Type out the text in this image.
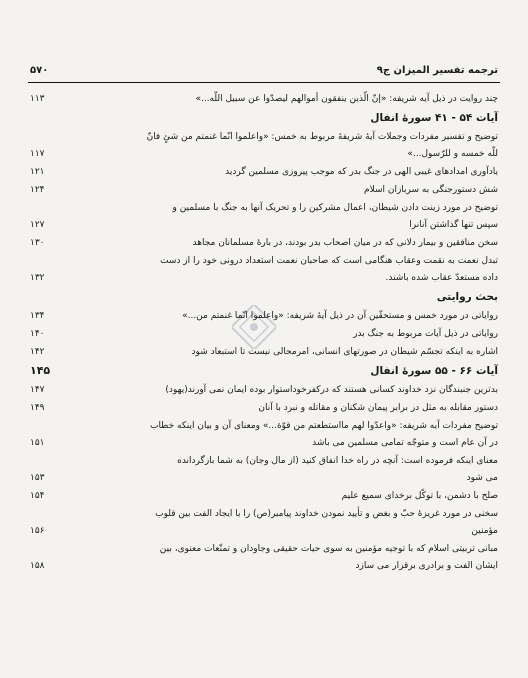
۵۷۰	ترجمه تفسیر المیزان ج۹
۱۱۳	چند روایت در ذیل آیه شریفه: «إنّ الّذين ينفقون أموالهم ليصدّوا عن سبيل اللّه...»
آیات ۵۴ - ۴۱ سورهٔ انفال
توضیح و تفسیر مفردات وجملات آیهٔ شریفهٔ مربوط به خمس: «واعلموا انّما غنمتم من شئٍ فانّ
۱۱۷	للّه خمسه و للرّسول...»
۱۲۱	یادآوری امدادهای غیبی الهی در جنگ بدر که موجب پیروزی مسلمین گردید
۱۲۴	شش دستورجنگی به سربازان اسلام
توضیح در مورد زینت دادن شیطان، اعمال مشرکین را و تحریک آنها به جنگ با مسلمین و
۱۲۷	سپس تنها گذاشتن آنانرا
۱۳۰	سخن منافقین و بیمار دلانی که در میان اصحاب بدر بودند، در بارهٔ مسلمانان مجاهد
تبدل نعمت به نقمت وعقاب هنگامی است که صاحبان نعمت استعداد درونی خود را از دست
۱۳۲	داده مستعدّ عقاب شده باشند.
بحث روایتی
۱۳۴	روایاتی در مورد خمس و مستحقّین آن در ذیل آیهٔ شریفه: «واعلموا انّما غنمتم من...»
۱۴۰	روایاتی در ذیل آیات مربوط به جنگ بدر
۱۴۲	اشاره به اینکه تجسّم شیطان در صورتهای انسانی، امرمحالی نیست تا استبعاد شود
۱۴۵	آیات ۶۶ - ۵۵ سورهٔ انفال
۱۴۷	بدترین جنبندگان نزد خداوند کسانی هستند که درکفرخوداستوار بوده ایمان نمی آورند(یهود)
۱۴۹	دستور مقابله به مثل در برابر پیمان شکنان و مقاتله و نبرد با آنان
توضیح مفردات آیه شریفه: «واعدّوا لهم مااستطعتم من قوّة...» ومعنای آن و بیان اینکه خطاب
۱۵۱	در آن عام است و متوجّه تمامی مسلمین می باشد
معنای اینکه فرموده است: آنچه در راه خدا انفاق کنید (از مال وجان) به شما بازگردانده
۱۵۳	می شود
۱۵۴	صلح با دشمن، با توکّل برخدای سمیع علیم
سخنی در مورد غریزهٔ حبّ و بغض و تأیید نمودن خداوند پیامبر(ص) را با ایجاد الفت بین قلوب
۱۵۶	مؤمنین
مبانی تربیتی اسلام که با توجیه مؤمنین به سوی حیات حقیقی وجاودان و تمتّعات معنوی، بین
۱۵۸	ایشان الفت و برادری برقرار می سازد
